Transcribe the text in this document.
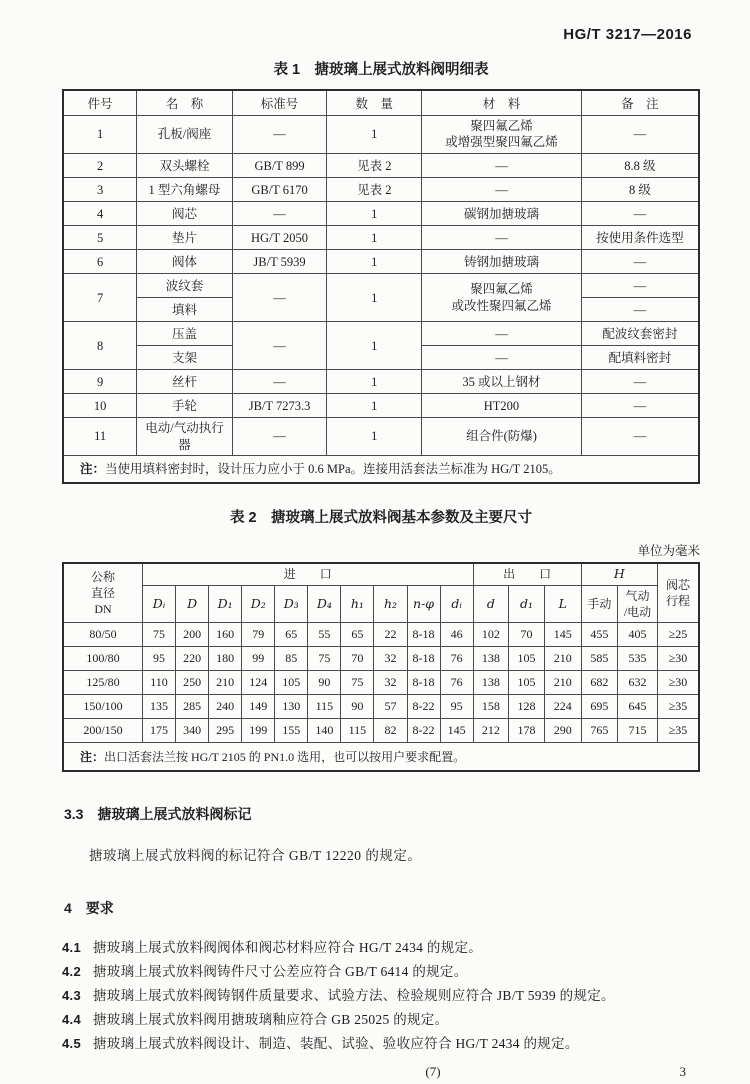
HG/T 3217—2016
表 1　搪玻璃上展式放料阀明细表
件号	名　称	标准号	数　量	材　料	备　注
1	孔板/阀座	—	1	聚四氟乙烯
或增强型聚四氟乙烯	—
2	双头螺栓	GB/T 899	见表 2	—	8.8 级
3	1 型六角螺母	GB/T 6170	见表 2	—	8 级
4	阀芯	—	1	碳钢加搪玻璃	—
5	垫片	HG/T 2050	1	—	按使用条件选型
6	阀体	JB/T 5939	1	铸钢加搪玻璃	—
7	波纹套	—	1	聚四氟乙烯
或改性聚四氟乙烯	—
	填料				—
8	压盖	—	1	—	配波纹套密封
	支架			—	配填料密封
9	丝杆	—	1	35 或以上钢材	—
10	手轮	JB/T 7273.3	1	HT200	—
11	电动/气动执行器	—	1	组合件(防爆)	—
注：当使用填料密封时，设计压力应小于 0.6 MPa。连接用活套法兰标准为 HG/T 2105。					
表 2　搪玻璃上展式放料阀基本参数及主要尺寸
单位为毫米
公称
直径
DN	进　　口										出　　口			H		阀芯
行程

	Dᵢ	D	D₁	D₂	D₃	D₄	h₁	h₂	n-φ	dᵢ	d	d₁	L	手动	气动
/电动	

80/50	75	200	160	79	65	55	65	22	8-18	46	102	70	145	455	405	≥25
100/80	95	220	180	99	85	75	70	32	8-18	76	138	105	210	585	535	≥30
125/80	110	250	210	124	105	90	75	32	8-18	76	138	105	210	682	632	≥30
150/100	135	285	240	149	130	115	90	57	8-22	95	158	128	224	695	645	≥35
200/150	175	340	295	199	155	140	115	82	8-22	145	212	178	290	765	715	≥35
注：出口活套法兰按 HG/T 2105 的 PN1.0 选用，也可以按用户要求配置。																
3.3 搪玻璃上展式放料阀标记

搪玻璃上展式放料阀的标记符合 GB/T 12220 的规定。

4 要求
4.1 搪玻璃上展式放料阀阀体和阀芯材料应符合 HG/T 2434 的规定。
4.2 搪玻璃上展式放料阀铸件尺寸公差应符合 GB/T 6414 的规定。
4.3 搪玻璃上展式放料阀铸钢件质量要求、试验方法、检验规则应符合 JB/T 5939 的规定。
4.4 搪玻璃上展式放料阀用搪玻璃釉应符合 GB 25025 的规定。
4.5 搪玻璃上展式放料阀设计、制造、装配、试验、验收应符合 HG/T 2434 的规定。
(7)	3
